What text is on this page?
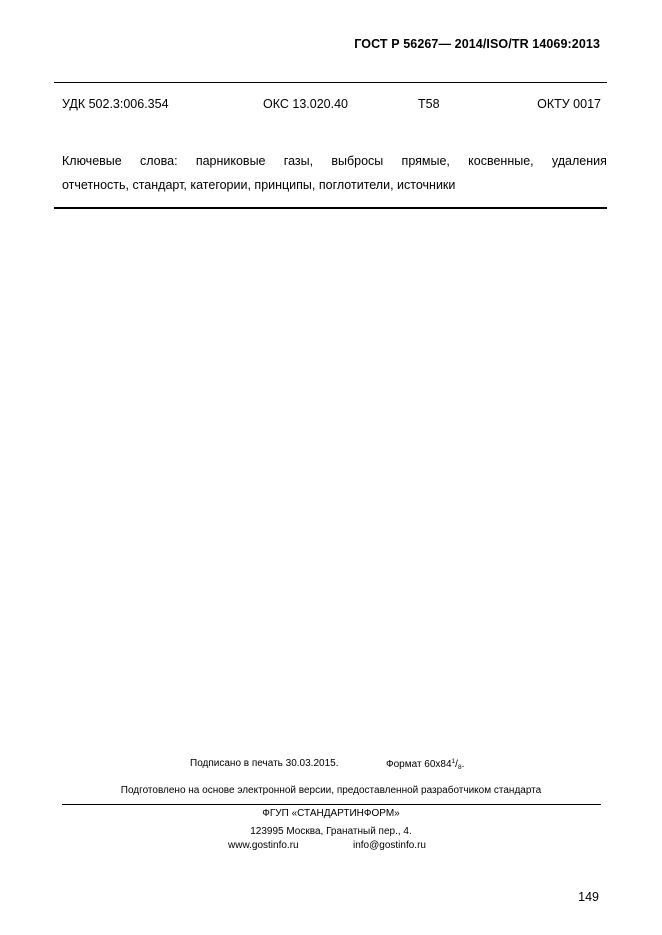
ГОСТ Р 56267— 2014/ISO/TR 14069:2013
УДК 502.3:006.354	ОКС 13.020.40	Т58	ОКТУ 0017
Ключевые слова: парниковые газы, выбросы прямые, косвенные, удаления
отчетность, стандарт, категории, принципы, поглотители, источники
Подписано в печать 30.03.2015.	Формат $60x84^1/_8$.
Подготовлено на основе электронной версии, предоставленной разработчиком стандарта
ФГУП «СТАНДАРТИНФОРМ»
123995 Москва, Гранатный пер., 4.
www.gostinfo.ru	info@gostinfo.ru
149
